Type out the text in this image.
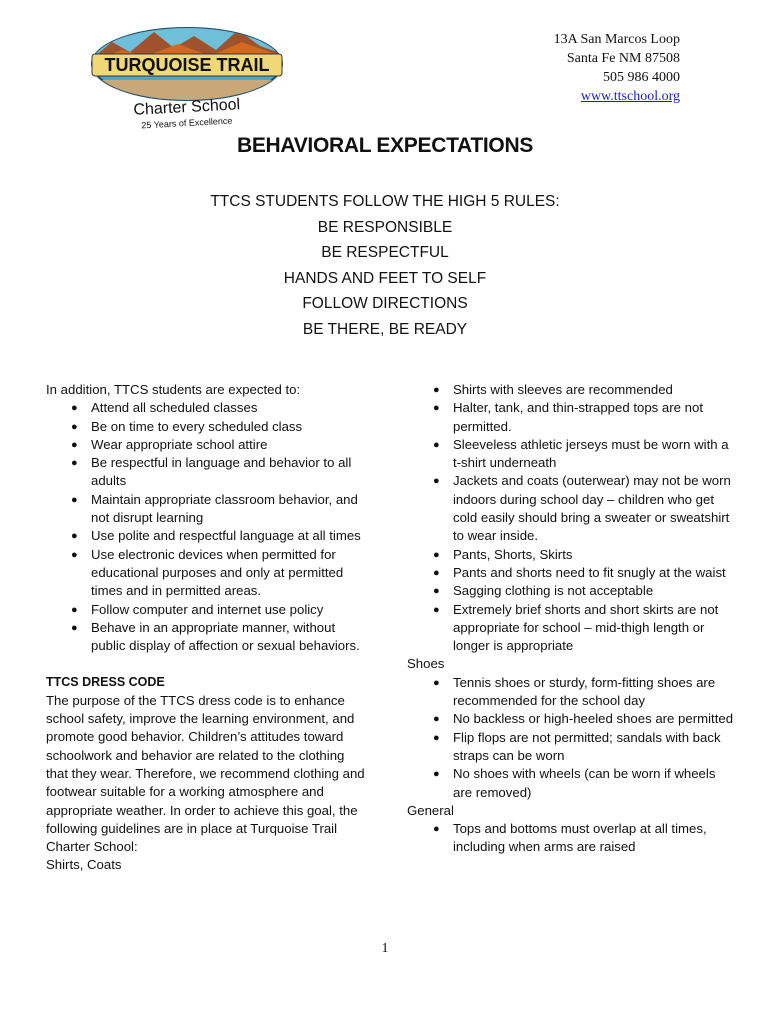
TURQUOISE TRAIL
Charter School
25 Years of Excellence
13A San Marcos Loop
Santa Fe NM 87508
505 986 4000
www.ttschool.org
BEHAVIORAL EXPECTATIONS
TTCS STUDENTS FOLLOW THE HIGH 5 RULES:
BE RESPONSIBLE
BE RESPECTFUL
HANDS AND FEET TO SELF
FOLLOW DIRECTIONS
BE THERE, BE READY
In addition, TTCS students are expected to:
● Attend all scheduled classes
● Be on time to every scheduled class
● Wear appropriate school attire
● Be respectful in language and behavior to all adults
● Maintain appropriate classroom behavior, and not disrupt learning
● Use polite and respectful language at all times
● Use electronic devices when permitted for educational purposes and only at permitted times and in permitted areas.
● Follow computer and internet use policy
● Behave in an appropriate manner, without public display of affection or sexual behaviors.
TTCS DRESS CODE
The purpose of the TTCS dress code is to enhance school safety, improve the learning environment, and promote good behavior. Children’s attitudes toward schoolwork and behavior are related to the clothing that they wear. Therefore, we recommend clothing and footwear suitable for a working atmosphere and appropriate weather. In order to achieve this goal, the following guidelines are in place at Turquoise Trail Charter School:
Shirts, Coats
● Shirts with sleeves are recommended
● Halter, tank, and thin-strapped tops are not permitted.
● Sleeveless athletic jerseys must be worn with a t-shirt underneath
● Jackets and coats (outerwear) may not be worn indoors during school day – children who get cold easily should bring a sweater or sweatshirt to wear inside.
● Pants, Shorts, Skirts
● Pants and shorts need to fit snugly at the waist
● Sagging clothing is not acceptable
● Extremely brief shorts and short skirts are not appropriate for school – mid-thigh length or longer is appropriate
Shoes
● Tennis shoes or sturdy, form-fitting shoes are recommended for the school day
● No backless or high-heeled shoes are permitted
● Flip flops are not permitted; sandals with back straps can be worn
● No shoes with wheels (can be worn if wheels are removed)
General
● Tops and bottoms must overlap at all times, including when arms are raised
1
